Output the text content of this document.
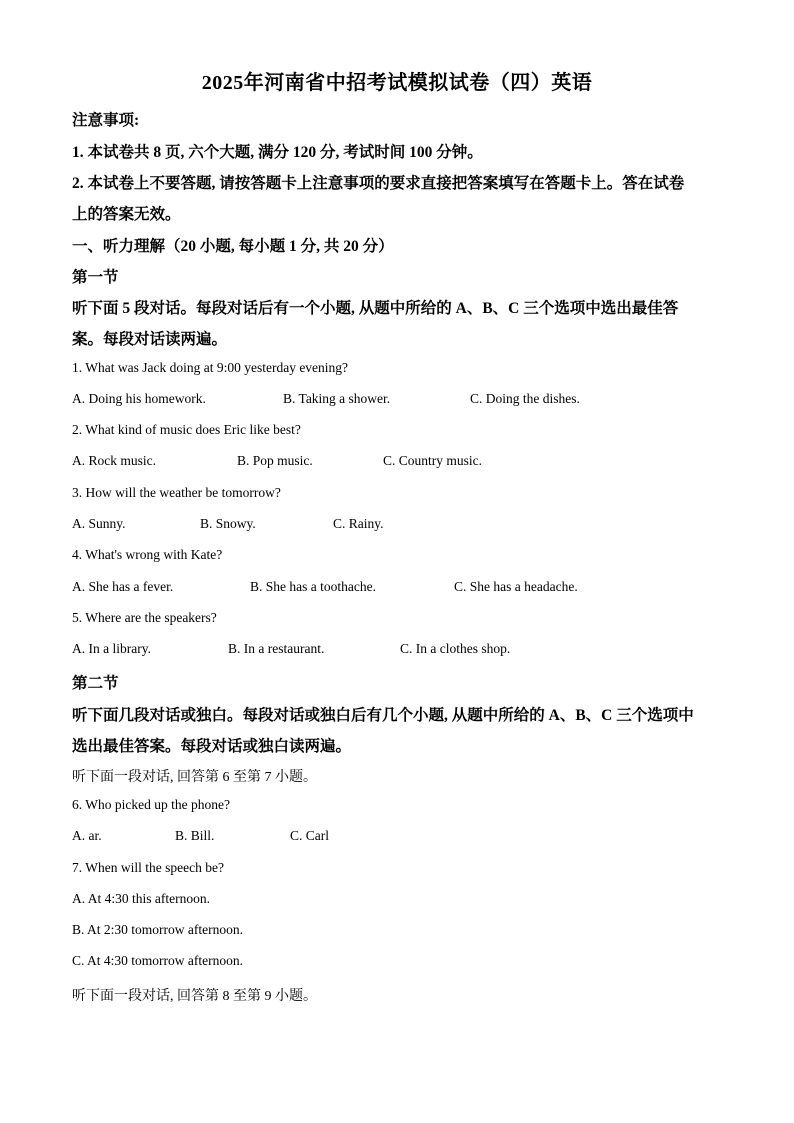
2025年河南省中招考试模拟试卷（四）英语
注意事项:
1. 本试卷共 8 页, 六个大题, 满分 120 分, 考试时间 100 分钟。
2. 本试卷上不要答题, 请按答题卡上注意事项的要求直接把答案填写在答题卡上。答在试卷
上的答案无效。
一、听力理解（20 小题, 每小题 1 分, 共 20 分）
第一节
听下面 5 段对话。每段对话后有一个小题, 从题中所给的 A、B、C 三个选项中选出最佳答
案。每段对话读两遍。
1. What was Jack doing at 9:00 yesterday evening?
A. Doing his homework.	B. Taking a shower.	C. Doing the dishes.
2. What kind of music does Eric like best?
A. Rock music.	B. Pop music.	C. Country music.
3. How will the weather be tomorrow?
A. Sunny.	B. Snowy.	C. Rainy.
4. What's wrong with Kate?
A. She has a fever.	B. She has a toothache.	C. She has a headache.
5. Where are the speakers?
A. In a library.	B. In a restaurant.	C. In a clothes shop.
第二节
听下面几段对话或独白。每段对话或独白后有几个小题, 从题中所给的 A、B、C 三个选项中
选出最佳答案。每段对话或独白读两遍。
听下面一段对话, 回答第 6 至第 7 小题。
6. Who picked up the phone?
A. ar.	B. Bill.	C. Carl
7. When will the speech be?
A. At 4:30 this afternoon.
B. At 2:30 tomorrow afternoon.
C. At 4:30 tomorrow afternoon.
听下面一段对话, 回答第 8 至第 9 小题。
